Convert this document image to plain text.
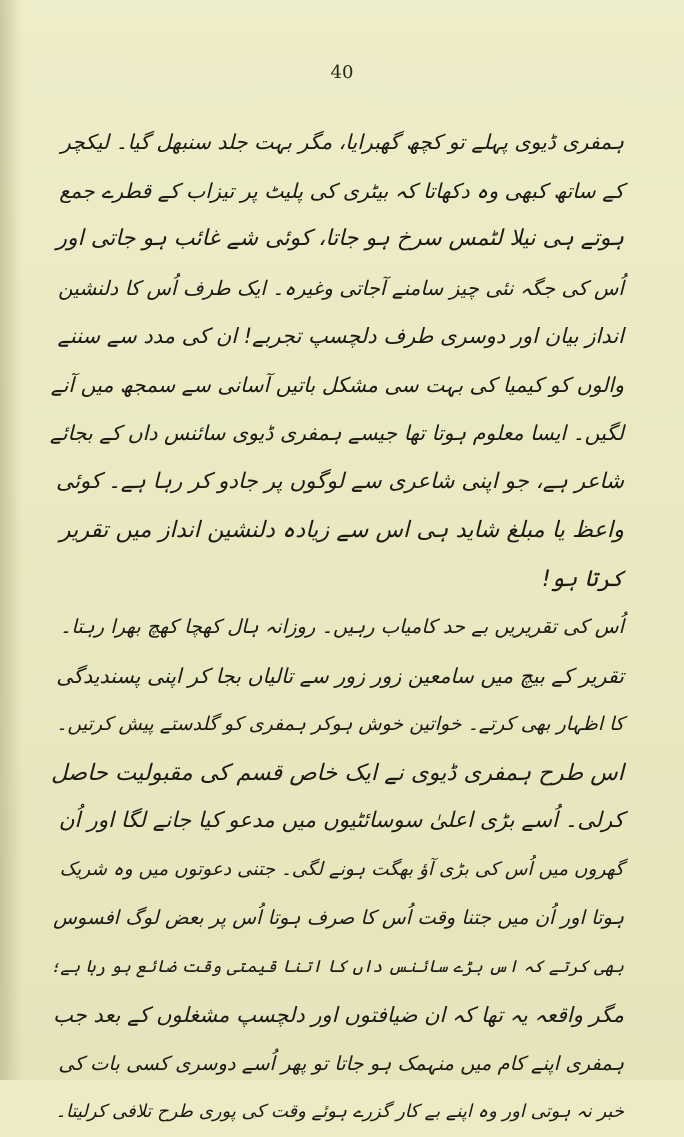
40
ہمفری ڈیوی پہلے تو کچھ گھبرایا، مگر بہت جلد سنبھل گیا۔ لیکچر
کے ساتھ کبھی وہ دکھاتا کہ بیٹری کی پلیٹ پر تیزاب کے قطرے جمع
ہوتے ہی نیلا لٹمس سرخ ہو جاتا، کوئی شے غائب ہو جاتی اور
اُس کی جگہ نئی چیز سامنے آجاتی وغیرہ۔ ایک طرف اُس کا دلنشین
انداز بیان اور دوسری طرف دلچسپ تجربے! ان کی مدد سے سننے
والوں کو کیمیا کی بہت سی مشکل باتیں آسانی سے سمجھ میں آنے
لگیں۔ ایسا معلوم ہوتا تھا جیسے ہمفری ڈیوی سائنس داں کے بجائے
شاعر ہے، جو اپنی شاعری سے لوگوں پر جادو کر رہا ہے۔ کوئی
واعظ یا مبلغ شاید ہی اس سے زیادہ دلنشین انداز میں تقریر
کرتا ہو!
اُس کی تقریریں بے حد کامیاب رہیں۔ روزانہ ہال کھچا کھچ بھرا رہتا۔
تقریر کے بیچ میں سامعین زور زور سے تالیاں بجا کر اپنی پسندیدگی
کا اظہار بھی کرتے۔ خواتین خوش ہوکر ہمفری کو گلدستے پیش کرتیں۔
اس طرح ہمفری ڈیوی نے ایک خاص قسم کی مقبولیت حاصل
کرلی۔ اُسے بڑی اعلیٰ سوسائٹیوں میں مدعو کیا جانے لگا اور اُن
گھروں میں اُس کی بڑی آؤ بھگت ہونے لگی۔ جتنی دعوتوں میں وہ شریک
ہوتا اور اُن میں جتنا وقت اُس کا صرف ہوتا اُس پر بعض لوگ افسوس
بھی کرتے کہ اس بڑے سائنس داں کا اتنا قیمتی وقت ضائع ہو رہا ہے؛
مگر واقعہ یہ تھا کہ ان ضیافتوں اور دلچسپ مشغلوں کے بعد جب
ہمفری اپنے کام میں منہمک ہو جاتا تو پھر اُسے دوسری کسی بات کی
خبر نہ ہوتی اور وہ اپنے بے کار گزرے ہوئے وقت کی پوری طرح تلافی کرلیتا۔
